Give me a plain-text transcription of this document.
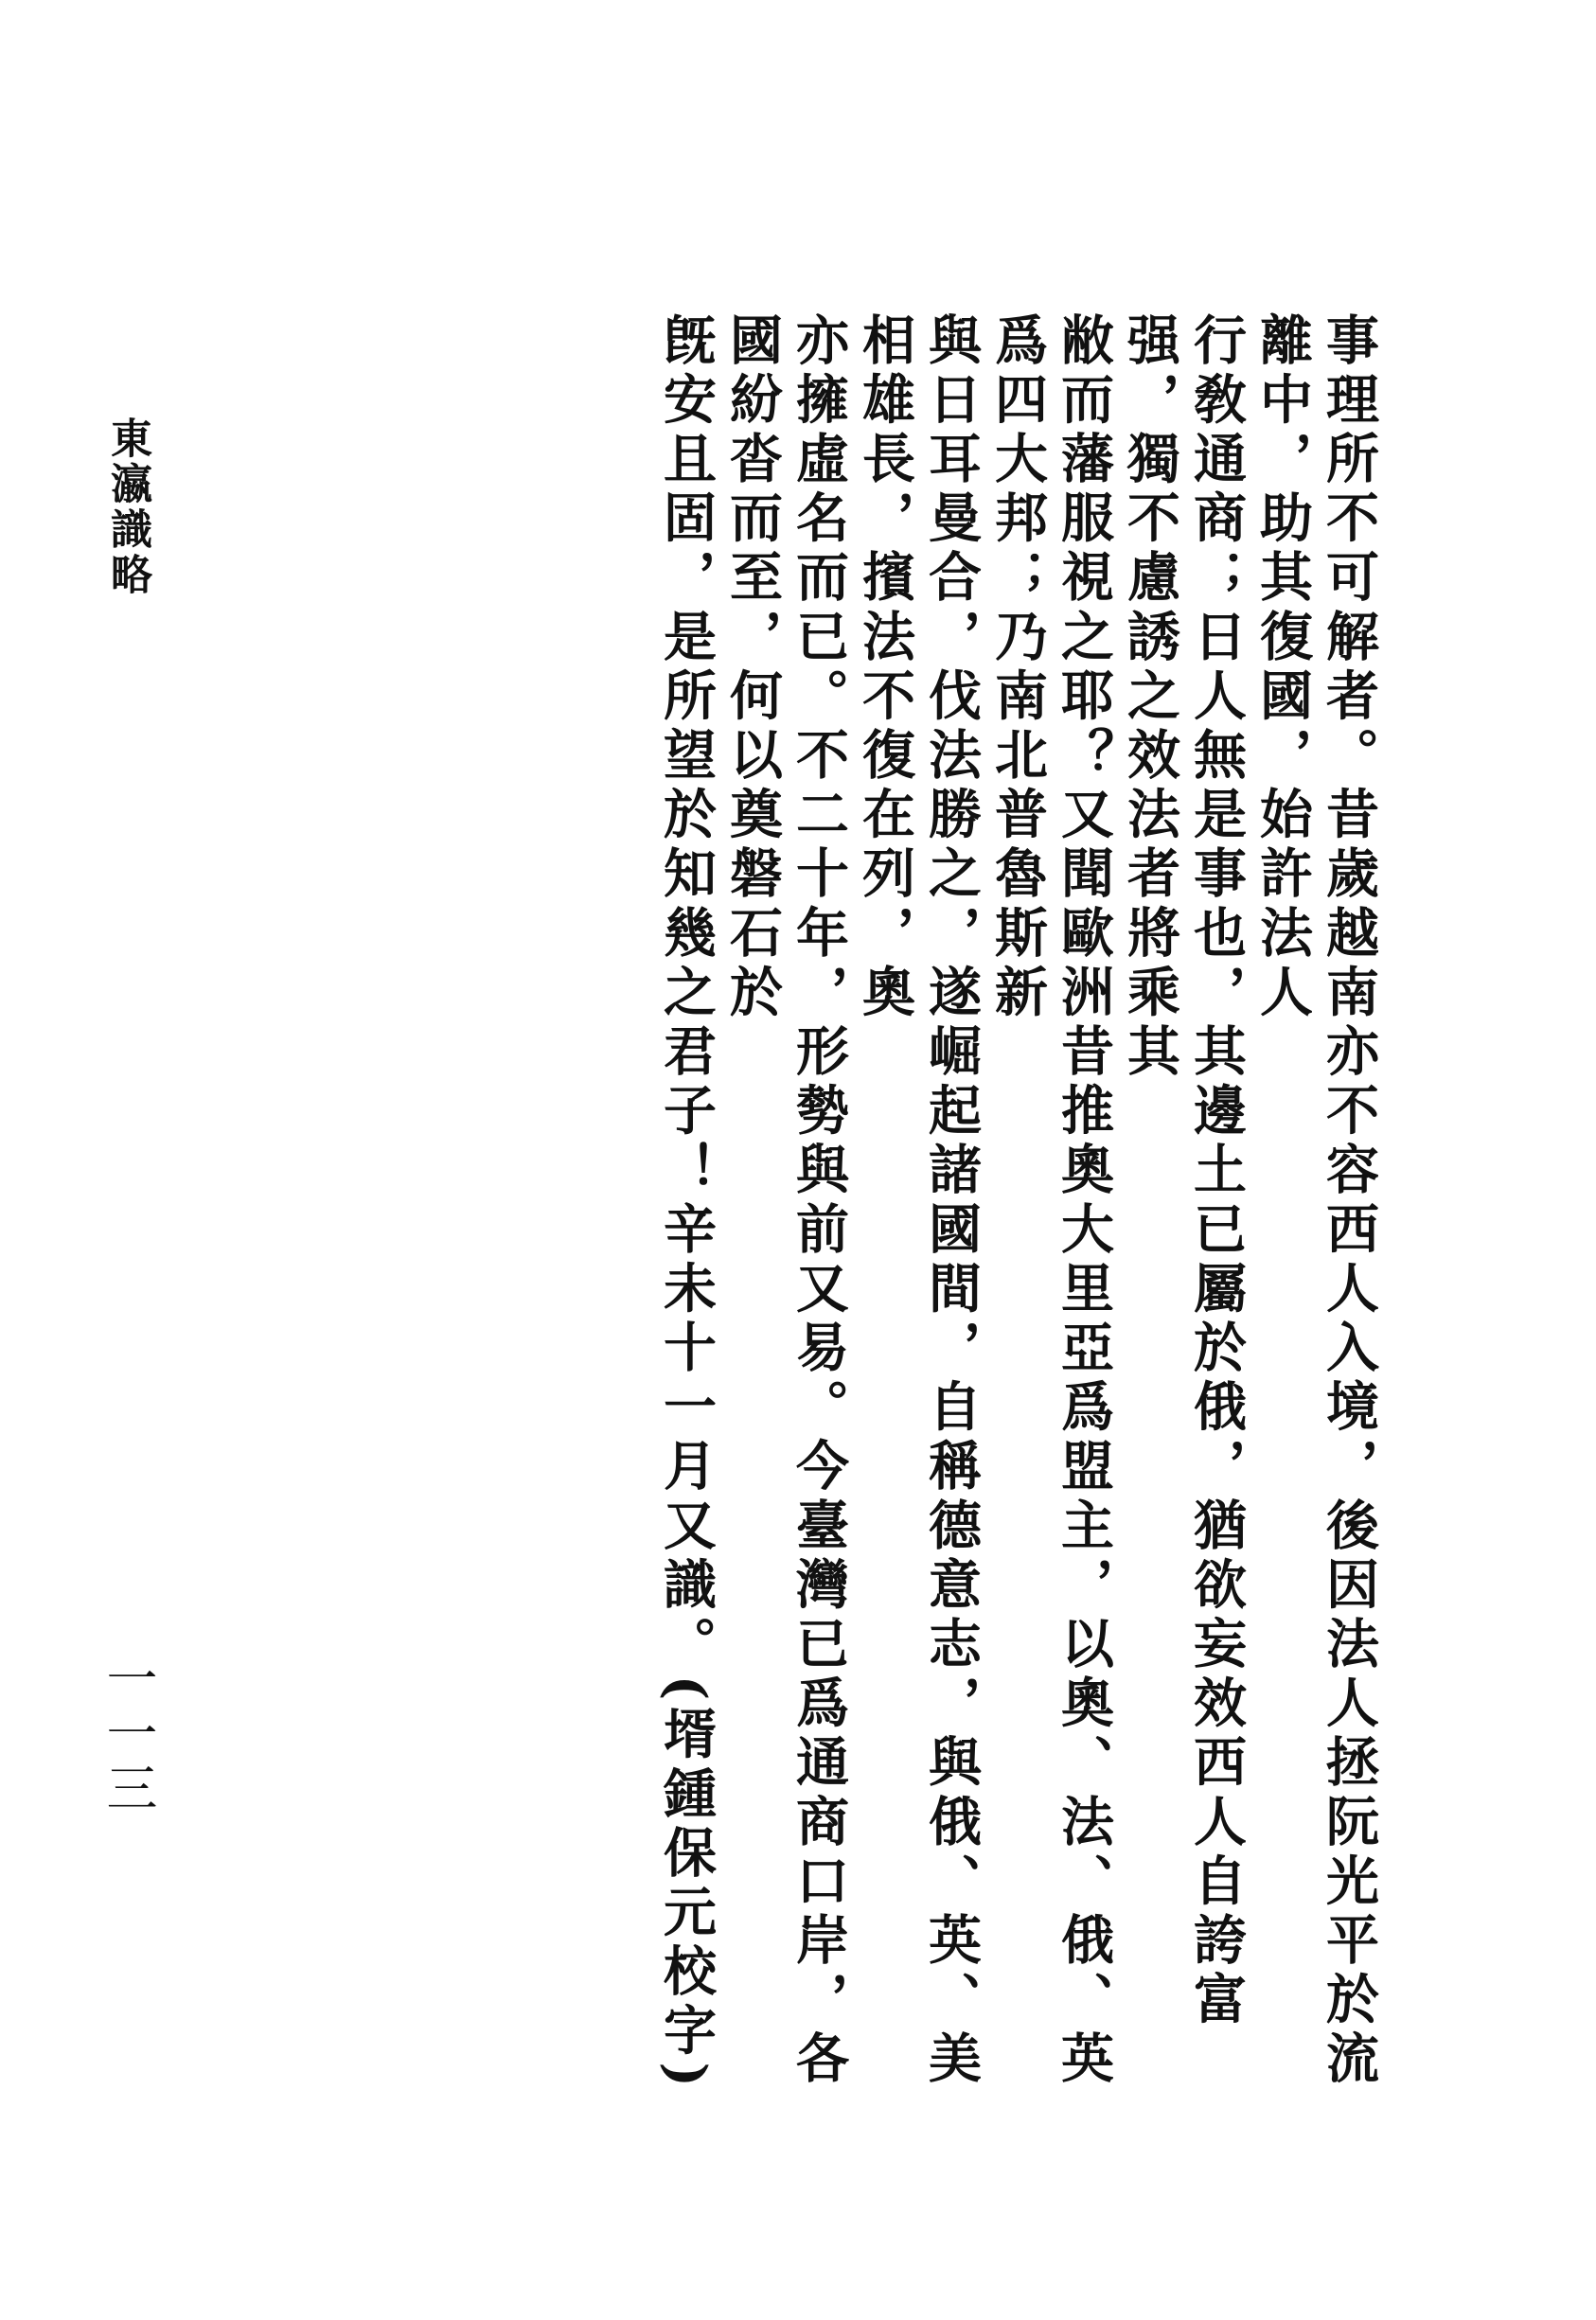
東瀛識略
一一三	事理所不可解者。昔歲越南亦不容西人入境，後因法人拯阮光平於流離中，助其復國，始許法人
行敎通商；日人無是事也，其邊土已屬於俄，猶欲妄效西人自誇富强，獨不慮誘之效法者將乘其
敝而藩服視之耶？又聞歐洲昔推奧大里亞爲盟主，以奧、法、俄、英爲四大邦；乃南北普魯斯新
與日耳曼合，伐法勝之，遂崛起諸國間，自稱德意志，與俄、英、美相雄長，擯法不復在列，奧
亦擁虛名而已。不二十年，形勢與前又易。今臺灣已爲通商口岸，各國紛沓而至，何以奠磐石於
旣安且固，是所望於知幾之君子！辛未十一月又識。(壻鍾保元校字)
